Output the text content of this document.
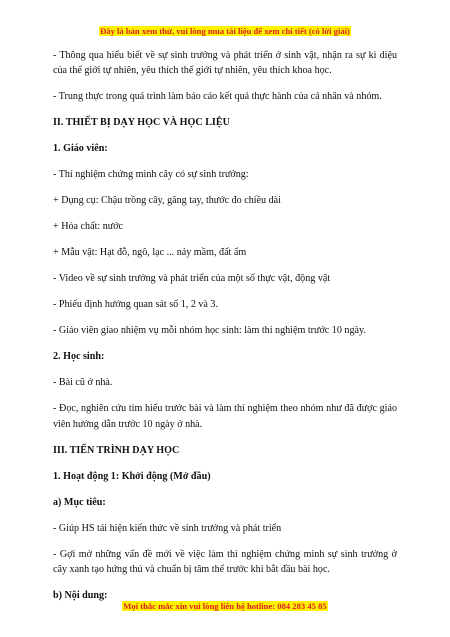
Đây là bản xem thử, vui lòng mua tài liệu để xem chi tiết (có lời giải)

- Thông qua hiểu biết về sự sinh trưởng và phát triển ở sinh vật, nhận ra sự kì diệu của thế giới tự nhiên, yêu thích thế giới tự nhiên, yêu thích khoa học.

- Trung thực trong quá trình làm báo cáo kết quả thực hành của cá nhân và nhóm.

II. THIẾT BỊ DẠY HỌC VÀ HỌC LIỆU

1. Giáo viên:

- Thí nghiệm chứng minh cây có sự sinh trưởng:

+ Dụng cụ: Chậu trồng cây, găng tay, thước đo chiều dài

+ Hóa chất: nước

+ Mẫu vật: Hạt đỗ, ngô, lạc ... nảy mầm, đất ẩm

- Video về sự sinh trưởng và phát triển của một số thực vật, động vật

- Phiếu định hướng quan sát số 1, 2 và 3.

- Giáo viên giao nhiệm vụ mỗi nhóm học sinh: làm thí nghiệm trước 10 ngày.

2. Học sinh:

- Bài cũ ở nhà.

- Đọc, nghiên cứu tìm hiểu trước bài và làm thí nghiệm theo nhóm như đã được giáo viên hướng dẫn trước 10 ngày ở nhà.

III. TIẾN TRÌNH DẠY HỌC

1. Hoạt động 1: Khởi động (Mở đầu)

a) Mục tiêu:

- Giúp HS tái hiện kiến thức về sinh trưởng và phát triển

- Gợi mở những vấn đề mới về việc làm thí nghiệm chứng minh sự sinh trưởng ở cây xanh tạo hứng thú và chuẩn bị tâm thế trước khi bắt đầu bài học.

b) Nội dung:

Mọi thắc mắc xin vui lòng liên hệ hotline: 084 283 45 85
